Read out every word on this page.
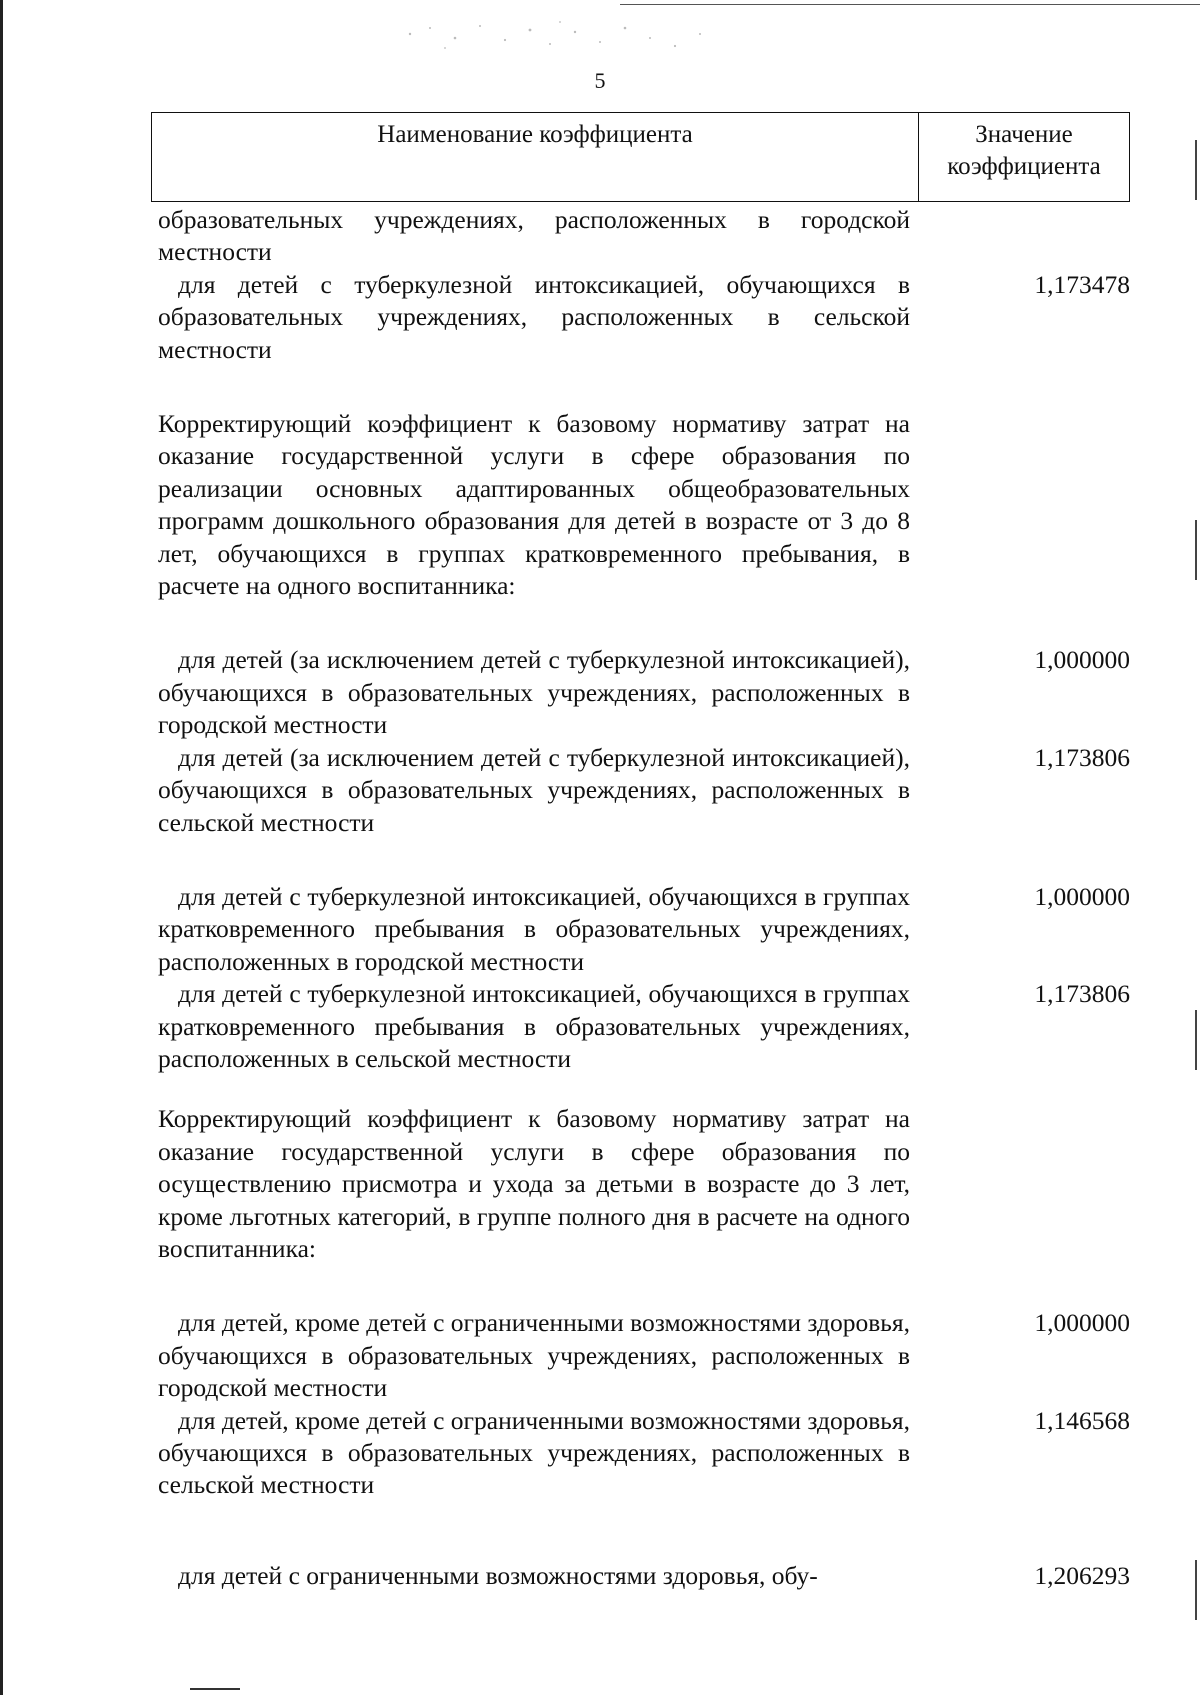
5
Наименование коэффициента	Значение
коэффициента
образовательных учреждениях, расположенных в городской местности
для детей с туберкулезной интоксикацией, обучающихся в образовательных учреждениях, расположенных в сельской местности
1,173478
Корректирующий коэффициент к базовому нормативу затрат на оказание государственной услуги в сфере образования по реализации основных адаптированных общеобразовательных программ дошкольного образования для детей в возрасте от 3 до 8 лет, обучающихся в группах кратковременного пребывания, в расчете на одного воспитанника:
для детей (за исключением детей с туберкулезной интоксикацией), обучающихся в образовательных учреждениях, расположенных в городской местности
1,000000
для детей (за исключением детей с туберкулезной интоксикацией), обучающихся в образовательных учреждениях, расположенных в сельской местности
1,173806
для детей с туберкулезной интоксикацией, обучающихся в группах кратковременного пребывания в образовательных учреждениях, расположенных в городской местности
1,000000
для детей с туберкулезной интоксикацией, обучающихся в группах кратковременного пребывания в образовательных учреждениях, расположенных в сельской местности
1,173806
Корректирующий коэффициент к базовому нормативу затрат на оказание государственной услуги в сфере образования по осуществлению присмотра и ухода за детьми в возрасте до 3 лет, кроме льготных категорий, в группе полного дня в расчете на одного воспитанника:
для детей, кроме детей с ограниченными возможностями здоровья, обучающихся в образовательных учреждениях, расположенных в городской местности
1,000000
для детей, кроме детей с ограниченными возможностями здоровья, обучающихся в образовательных учреждениях, расположенных в сельской местности
1,146568
для детей с ограниченными возможностями здоровья, обу-	1,206293
